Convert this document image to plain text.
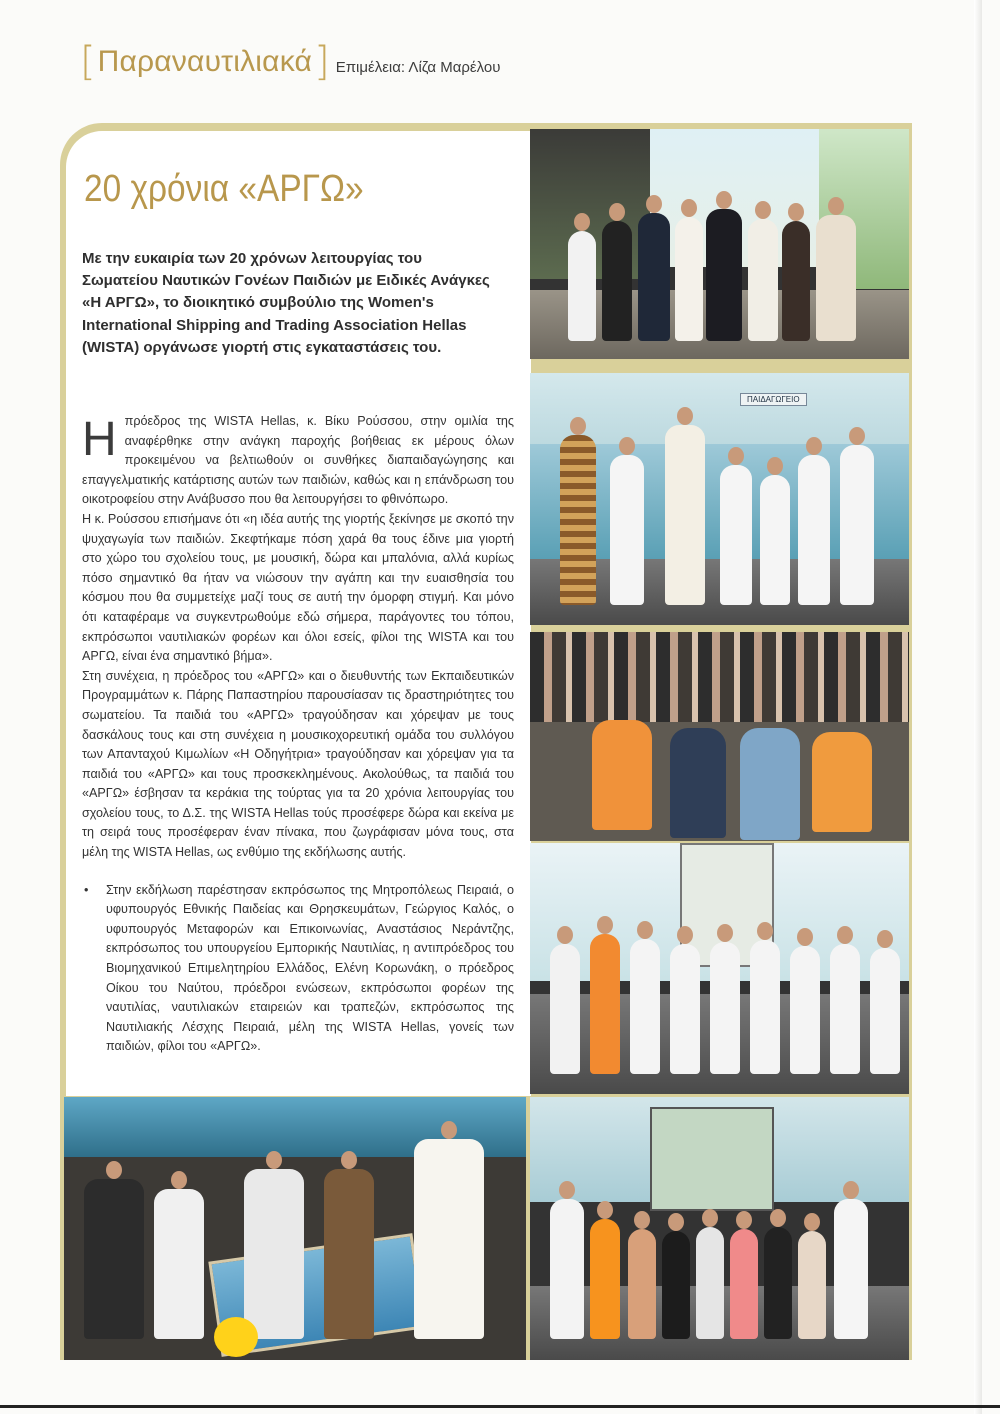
[ Παραναυτιλιακά ] Επιμέλεια: Λίζα Μαρέλου
20 χρόνια «ΑΡΓΩ»

Με την ευκαιρία των 20 χρόνων λειτουργίας του Σωματείου Ναυτικών Γονέων Παιδιών με Ειδικές Ανάγκες «Η ΑΡΓΩ», το διοικητικό συμβούλιο της Women's International Shipping and Trading Association Hellas (WISTA) οργάνωσε γιορτή στις εγκαταστάσεις του.

Η πρόεδρος της WISTA Hellas, κ. Βίκυ Ρούσσου, στην ομιλία της αναφέρθηκε στην ανάγκη παροχής βοήθειας εκ μέρους όλων προκειμένου να βελτιωθούν οι συνθήκες διαπαιδαγώγησης και επαγγελματικής κατάρτισης αυτών των παιδιών, καθώς και η επάνδρωση του οικοτροφείου στην Ανάβυσσο που θα λειτουργήσει το φθινόπωρο.

Η κ. Ρούσσου επισήμανε ότι «η ιδέα αυτής της γιορτής ξεκίνησε με σκοπό την ψυχαγωγία των παιδιών. Σκεφτήκαμε πόση χαρά θα τους έδινε μια γιορτή στο χώρο του σχολείου τους, με μουσική, δώρα και μπαλόνια, αλλά κυρίως πόσο σημαντικό θα ήταν να νιώσουν την αγάπη και την ευαισθησία του κόσμου που θα συμμετείχε μαζί τους σε αυτή την όμορφη στιγμή. Και μόνο ότι καταφέραμε να συγκεντρωθούμε εδώ σήμερα, παράγοντες του τόπου, εκπρόσωποι ναυτιλιακών φορέων και όλοι εσείς, φίλοι της WISTA και του ΑΡΓΩ, είναι ένα σημαντικό βήμα».

Στη συνέχεια, η πρόεδρος του «ΑΡΓΩ» και ο διευθυντής των Εκπαιδευτικών Προγραμμάτων κ. Πάρης Παπαστηρίου παρουσίασαν τις δραστηριότητες του σωματείου. Τα παιδιά του «ΑΡΓΩ» τραγούδησαν και χόρεψαν με τους δασκάλους τους και στη συνέχεια η μουσικοχορευτική ομάδα του συλλόγου των Απανταχού Κιμωλίων «Η Οδηγήτρια» τραγούδησαν και χόρεψαν για τα παιδιά του «ΑΡΓΩ» και τους προσκεκλημένους. Ακολούθως, τα παιδιά του «ΑΡΓΩ» έσβησαν τα κεράκια της τούρτας για τα 20 χρόνια λειτουργίας του σχολείου τους, το Δ.Σ. της WISTA Hellas τούς προσέφερε δώρα και εκείνα με τη σειρά τους προσέφεραν έναν πίνακα, που ζωγράφισαν μόνα τους, στα μέλη της WISTA Hellas, ως ενθύμιο της εκδήλωσης αυτής.

• Στην εκδήλωση παρέστησαν εκπρόσωπος της Μητροπόλεως Πειραιά, ο υφυπουργός Εθνικής Παιδείας και Θρησκευμάτων, Γεώργιος Καλός, ο υφυπουργός Μεταφορών και Επικοινωνίας, Αναστάσιος Νεράντζης, εκπρόσωπος του υπουργείου Εμπορικής Ναυτιλίας, η αντιπρόεδρος του Βιομηχανικού Επιμελητηρίου Ελλάδος, Ελένη Κορωνάκη, ο πρόεδρος Οίκου του Ναύτου, πρόεδροι ενώσεων, εκπρόσωποι φορέων της ναυτιλίας, ναυτιλιακών εταιρειών και τραπεζών, εκπρόσωπος της Ναυτιλιακής Λέσχης Πειραιά, μέλη της WISTA Hellas, γονείς των παιδιών, φίλοι του «ΑΡΓΩ».

ΠΑΙΔΑΓΩΓΕΙΟ
